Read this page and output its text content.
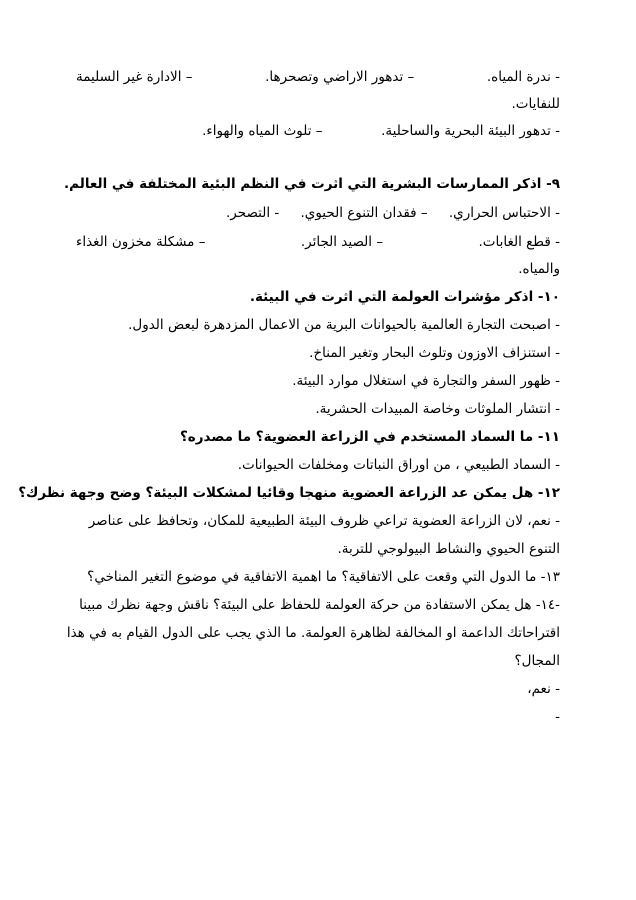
- ندرة المياه.
– تدهور الاراضي وتصحرها.
– الادارة غير السليمة
للنفايات.
- تدهور البيئة البحرية والساحلية.  – تلوث المياه والهواء.
٩- اذكر الممارسات البشرية التي اثرت في النظم البئية المختلفة في العالم.
- الاحتباس الحراري.
– فقدان التنوع الحيوي.
- التصحر.
- قطع الغابات.
– الصيد الجائر.
– مشكلة مخزون الغذاء
والمياه.
١٠- اذكر مؤشرات العولمة التي اثرت في البيئة.
- اصبحت التجارة العالمية بالحيوانات البرية من الاعمال المزدهرة لبعض الدول.
- استنزاف الاوزون وتلوث البحار وتغير المناخ.
- ظهور السفر والتجارة في استغلال موارد البيئة.
- انتشار الملوثات وخاصة المبيدات الحشرية.
١١- ما السماد المستخدم في الزراعة العضوية؟ ما مصدره؟
- السماد الطبيعي ، من اوراق النباتات ومخلفات الحيوانات.
١٢- هل يمكن عد الزراعة العضوية منهجا وقائيا لمشكلات البيئة؟ وضح وجهة نظرك؟
- نعم، لان الزراعة العضوية تراعي ظروف البيئة الطبيعية للمكان، وتحافظ على عناصر
التنوع الحيوي والنشاط البيولوجي للتربة.
١٣- ما الدول التي وقعت على الاتفاقية؟ ما اهمية الاتفاقية في موضوع التغير المناخي؟
-١٤- هل يمكن الاستفادة من حركة العولمة للحفاظ على البيئة؟ ناقش وجهة نظرك مبينا
اقتراحاتك الداعمة او المخالفة لظاهرة العولمة. ما الذي يجب على الدول القيام به في هذا
المجال؟
- نعم،
-
